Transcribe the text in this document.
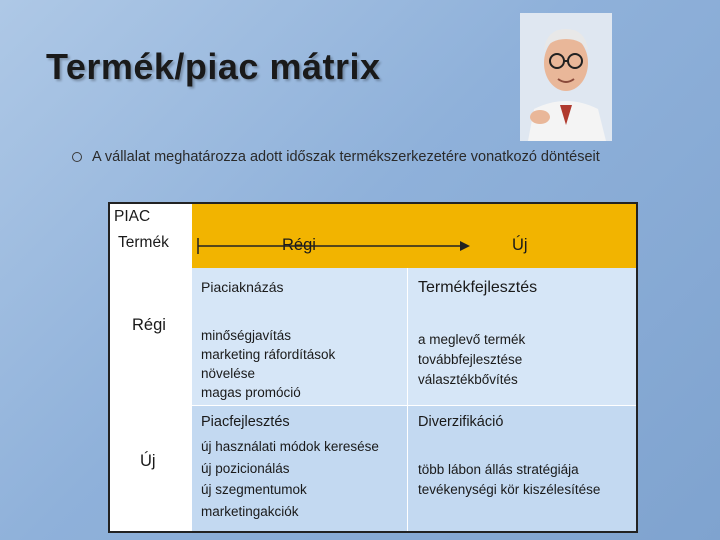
Termék/piac mátrix
A vállalat meghatározza adott időszak termékszerkezetére vonatkozó döntéseit
PIAC
Termék	Régi	Új
Régi
Új
Piaciaknázás
minőségjavítás
marketing ráfordítások növelése
magas promóció
Termékfejlesztés
a meglevő termék továbbfejlesztése
választékbővítés
Piacfejlesztés
új használati módok keresése
új pozicionálás
új szegmentumok
marketingakciók
Diverzifikáció
több lábon állás stratégiája
tevékenységi kör kiszélesítése
